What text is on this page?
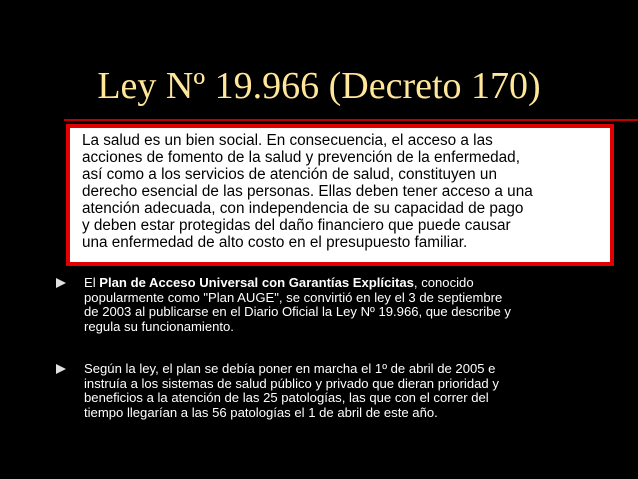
Ley Nº 19.966 (Decreto 170)

La salud es un bien social. En consecuencia, el acceso a las
acciones de fomento de la salud y prevención de la enfermedad,
así como a los servicios de atención de salud, constituyen un
derecho esencial de las personas. Ellas deben tener acceso a una
atención adecuada, con independencia de su capacidad de pago
y deben estar protegidas del daño financiero que puede causar
una enfermedad de alto costo en el presupuesto familiar.

El Plan de Acceso Universal con Garantías Explícitas, conocido
popularmente como "Plan AUGE", se convirtió en ley el 3 de septiembre
de 2003 al publicarse en el Diario Oficial la Ley Nº 19.966, que describe y
regula su funcionamiento.

Según la ley, el plan se debía poner en marcha el 1º de abril de 2005 e
instruía a los sistemas de salud público y privado que dieran prioridad y
beneficios a la atención de las 25 patologías, las que con el correr del
tiempo llegarían a las 56 patologías el 1 de abril de este año.
